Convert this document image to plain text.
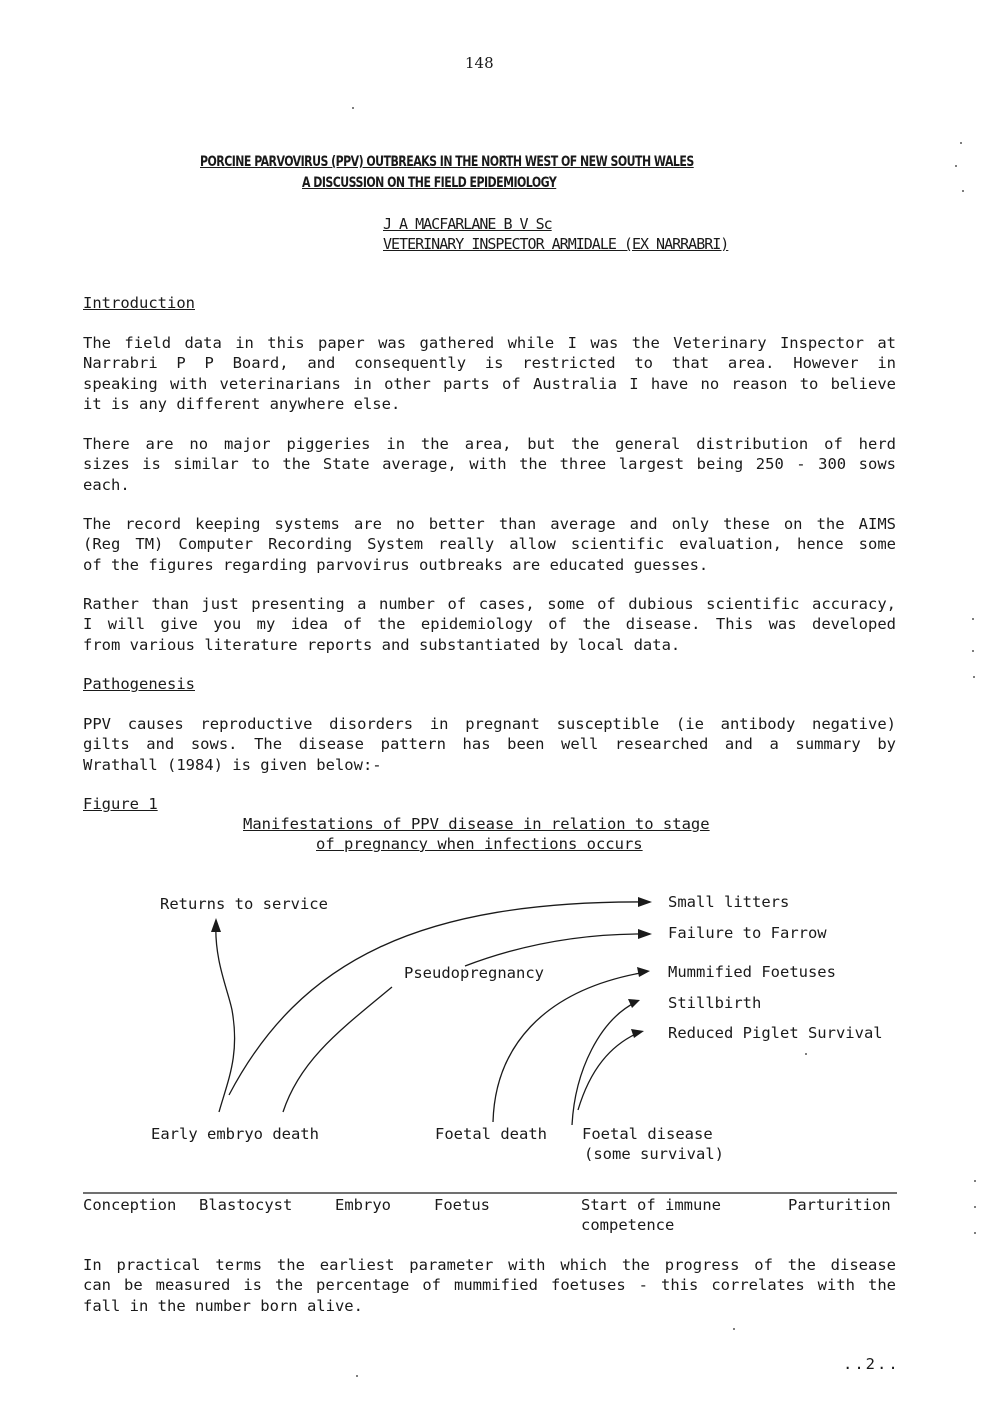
148
PORCINE PARVOVIRUS (PPV) OUTBREAKS IN THE NORTH WEST OF NEW SOUTH WALES
A DISCUSSION ON THE FIELD EPIDEMIOLOGY
J A MACFARLANE B V Sc
VETERINARY INSPECTOR ARMIDALE (EX NARRABRI)
Introduction
The field data in this paper was gathered while I was the Veterinary Inspector at
Narrabri P P Board, and consequently is restricted to that area. However in
speaking with veterinarians in other parts of Australia I have no reason to believe
it is any different anywhere else.
There are no major piggeries in the area, but the general distribution of herd
sizes is similar to the State average, with the three largest being 250 - 300 sows
each.
The record keeping systems are no better than average and only these on the AIMS
(Reg TM) Computer Recording System really allow scientific evaluation, hence some
of the figures regarding parvovirus outbreaks are educated guesses.
Rather than just presenting a number of cases, some of dubious scientific accuracy,
I will give you my idea of the epidemiology of the disease. This was developed
from various literature reports and substantiated by local data.
Pathogenesis
PPV causes reproductive disorders in pregnant susceptible (ie antibody negative)
gilts and sows. The disease pattern has been well researched and a summary by
Wrathall (1984) is given below:-
Figure 1
Manifestations of PPV disease in relation to stage
of pregnancy when infections occurs
Returns to service
Pseudopregnancy
Small litters
Failure to Farrow
Mummified Foetuses
Stillbirth
Reduced Piglet Survival
Early embryo death	Foetal death Foetal disease
(some survival)
Conception Blastocyst	Embryo	Foetus	Start of immune
competence
Parturition
In practical terms the earliest parameter with which the progress of the disease
can be measured is the percentage of mummified foetuses - this correlates with the
fall in the number born alive.
..2..
